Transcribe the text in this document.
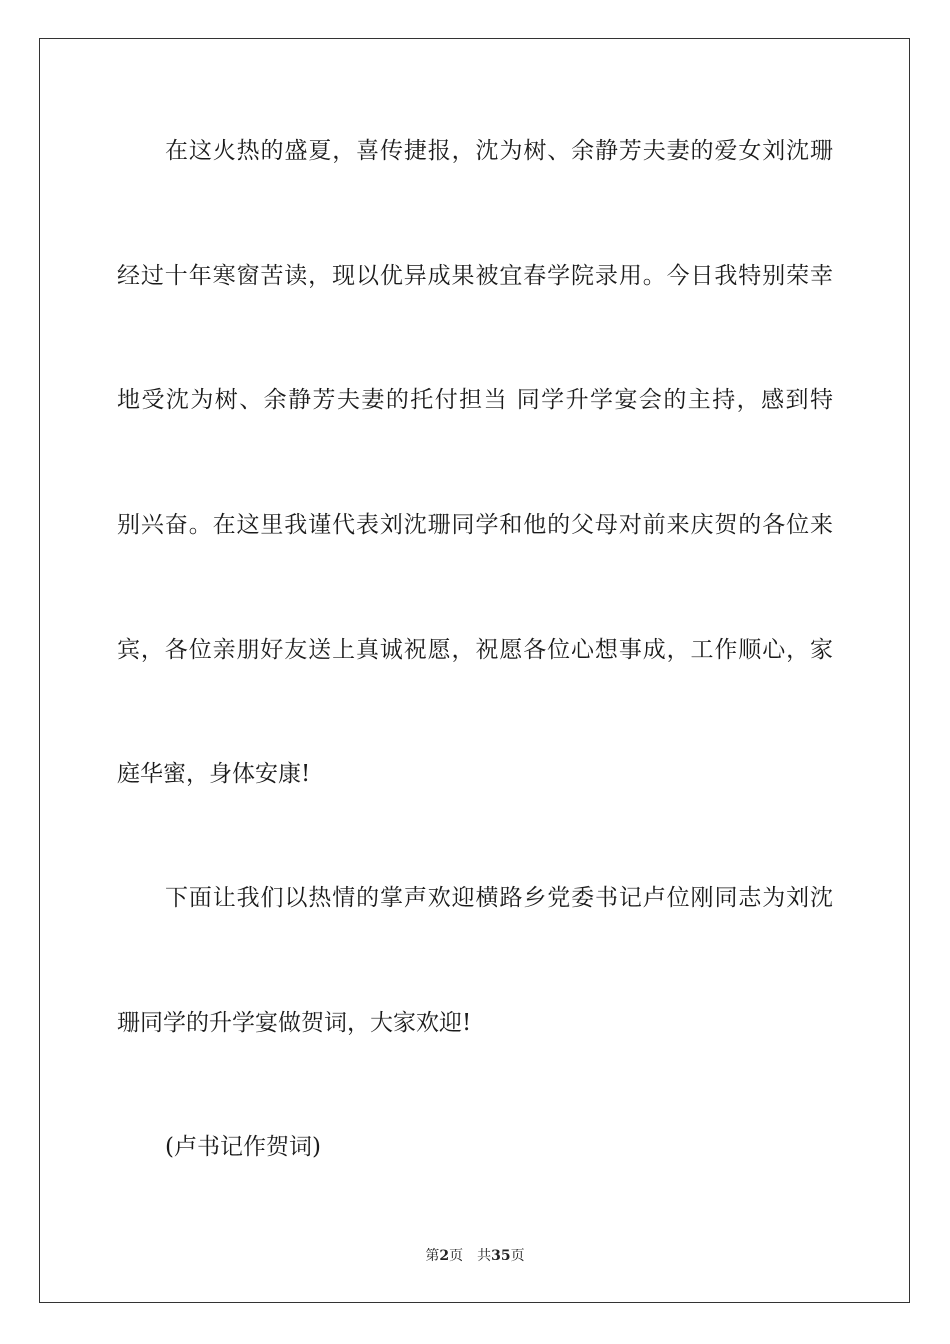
在这火热的盛夏，喜传捷报，沈为树、余静芳夫妻的爱女刘沈珊
经过十年寒窗苦读，现以优异成果被宜春学院录用。今日我特别荣幸
地受沈为树、余静芳夫妻的托付担当 同学升学宴会的主持，感到特
别兴奋。在这里我谨代表刘沈珊同学和他的父母对前来庆贺的各位来
宾，各位亲朋好友送上真诚祝愿，祝愿各位心想事成，工作顺心，家
庭华蜜，身体安康!
下面让我们以热情的掌声欢迎横路乡党委书记卢位刚同志为刘沈
珊同学的升学宴做贺词，大家欢迎!
(卢书记作贺词)
第2页 共35页
